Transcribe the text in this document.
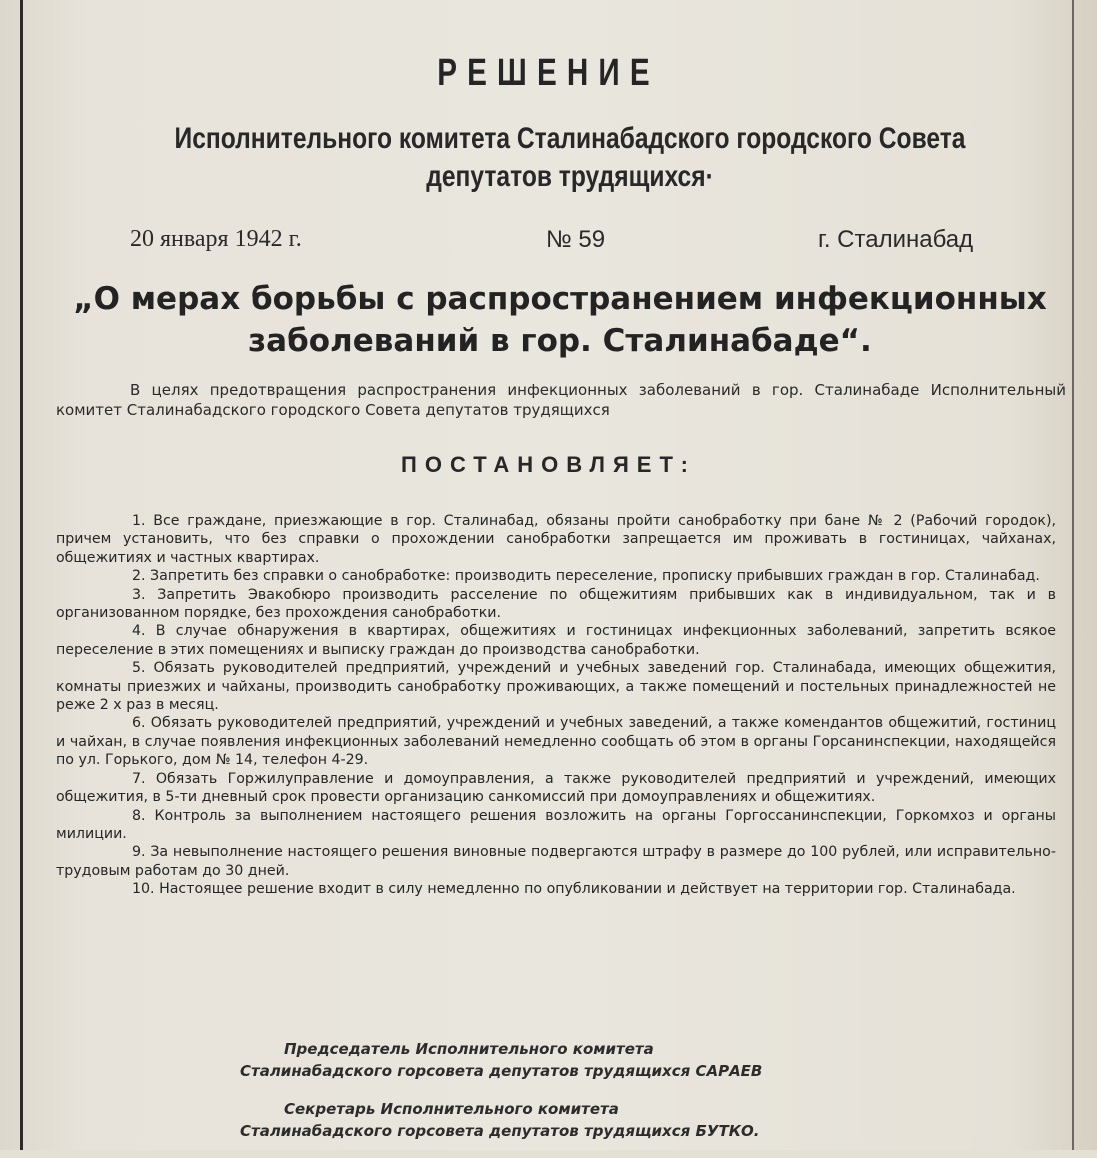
РЕШЕНИЕ
Исполнительного комитета Сталинабадского городского Совета депутатов трудящихся·
20 января 1942 г.	№ 59	г. Сталинабад
„О мерах борьбы с распространением инфекционных заболеваний в гор. Сталинабаде“.
В целях предотвращения распространения инфекционных заболеваний в гор. Сталинабаде Исполнительный комитет Сталинабадского городского Совета депутатов трудящихся
ПОСТАНОВЛЯЕТ:

1. Все граждане, приезжающие в гор. Сталинабад, обязаны пройти санобработку при бане № 2 (Рабочий городок), причем установить, что без справки о прохождении санобработки запрещается им проживать в гостиницах, чайханах, общежитиях и частных квартирах.

2. Запретить без справки о санобработке: производить переселение, прописку прибывших граждан в гор. Сталинабад.

3. Запретить Эвакобюро производить расселение по общежитиям прибывших как в индивидуальном, так и в организованном порядке, без прохождения санобработки.

4. В случае обнаружения в квартирах, общежитиях и гостиницах инфекционных заболеваний, запретить всякое переселение в этих помещениях и выписку граждан до производства санобработки.

5. Обязать руководителей предприятий, учреждений и учебных заведений гор. Сталинабада, имеющих общежития, комнаты приезжих и чайханы, производить санобработку проживающих, а также помещений и постельных принадлежностей не реже 2 х раз в месяц.

6. Обязать руководителей предприятий, учреждений и учебных заведений, а также комендантов общежитий, гостиниц и чайхан, в случае появления инфекционных заболеваний немедленно сообщать об этом в органы Горсанинспекции, находящейся по ул. Горького, дом № 14, телефон 4-29.

7. Обязать Горжилуправление и домоуправления, а также руководителей предприятий и учреждений, имеющих общежития, в 5-ти дневный срок провести организацию санкомиссий при домоуправлениях и общежитиях.

8. Контроль за выполнением настоящего решения возложить на органы Горгосcанинспекции, Горкомхоз и органы милиции.

9. За невыполнение настоящего решения виновные подвергаются штрафу в размере до 100 рублей, или исправительно-трудовым работам до 30 дней.

10. Настоящее решение входит в силу немедленно по опубликовании и действует на территории гор. Сталинабада.

Председатель Исполнительного комитета
Сталинабадского горсовета депутатов трудящихся САРАЕВ
Секретарь Исполнительного комитета
Сталинабадского горсовета депутатов трудящихся БУТКО.
